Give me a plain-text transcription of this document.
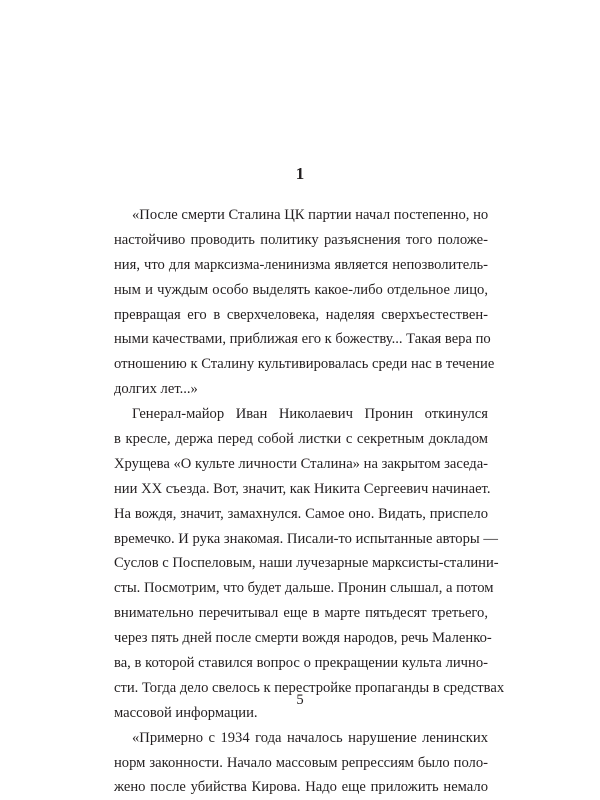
1
«После смерти Сталина ЦК партии начал постепенно, но
настойчиво проводить политику разъяснения того положе-
ния, что для марксизма-ленинизма является непозволитель-
ным и чуждым особо выделять какое-либо отдельное лицо,
превращая его в сверхчеловека, наделяя сверхъестествен-
ными качествами, приближая его к божеству... Такая вера по
отношению к Сталину культивировалась среди нас в течение
долгих лет...»
Генерал-майор Иван Николаевич Пронин откинулся
в кресле, держа перед собой листки с секретным докладом
Хрущева «О культе личности Сталина» на закрытом заседа-
нии XX съезда. Вот, значит, как Никита Сергеевич начинает.
На вождя, значит, замахнулся. Самое оно. Видать, приспело
времечко. И рука знакомая. Писали-то испытанные авторы —
Суслов с Поспеловым, наши лучезарные марксисты-сталини-
сты. Посмотрим, что будет дальше. Пронин слышал, а потом
внимательно перечитывал еще в марте пятьдесят третьего,
через пять дней после смерти вождя народов, речь Маленко-
ва, в которой ставился вопрос о прекращении культа лично-
сти. Тогда дело свелось к перестройке пропаганды в средствах
массовой информации.
«Примерно с 1934 года началось нарушение ленинских
норм законности. Начало массовым репрессиям было поло-
жено после убийства Кирова. Надо еще приложить немало
5
